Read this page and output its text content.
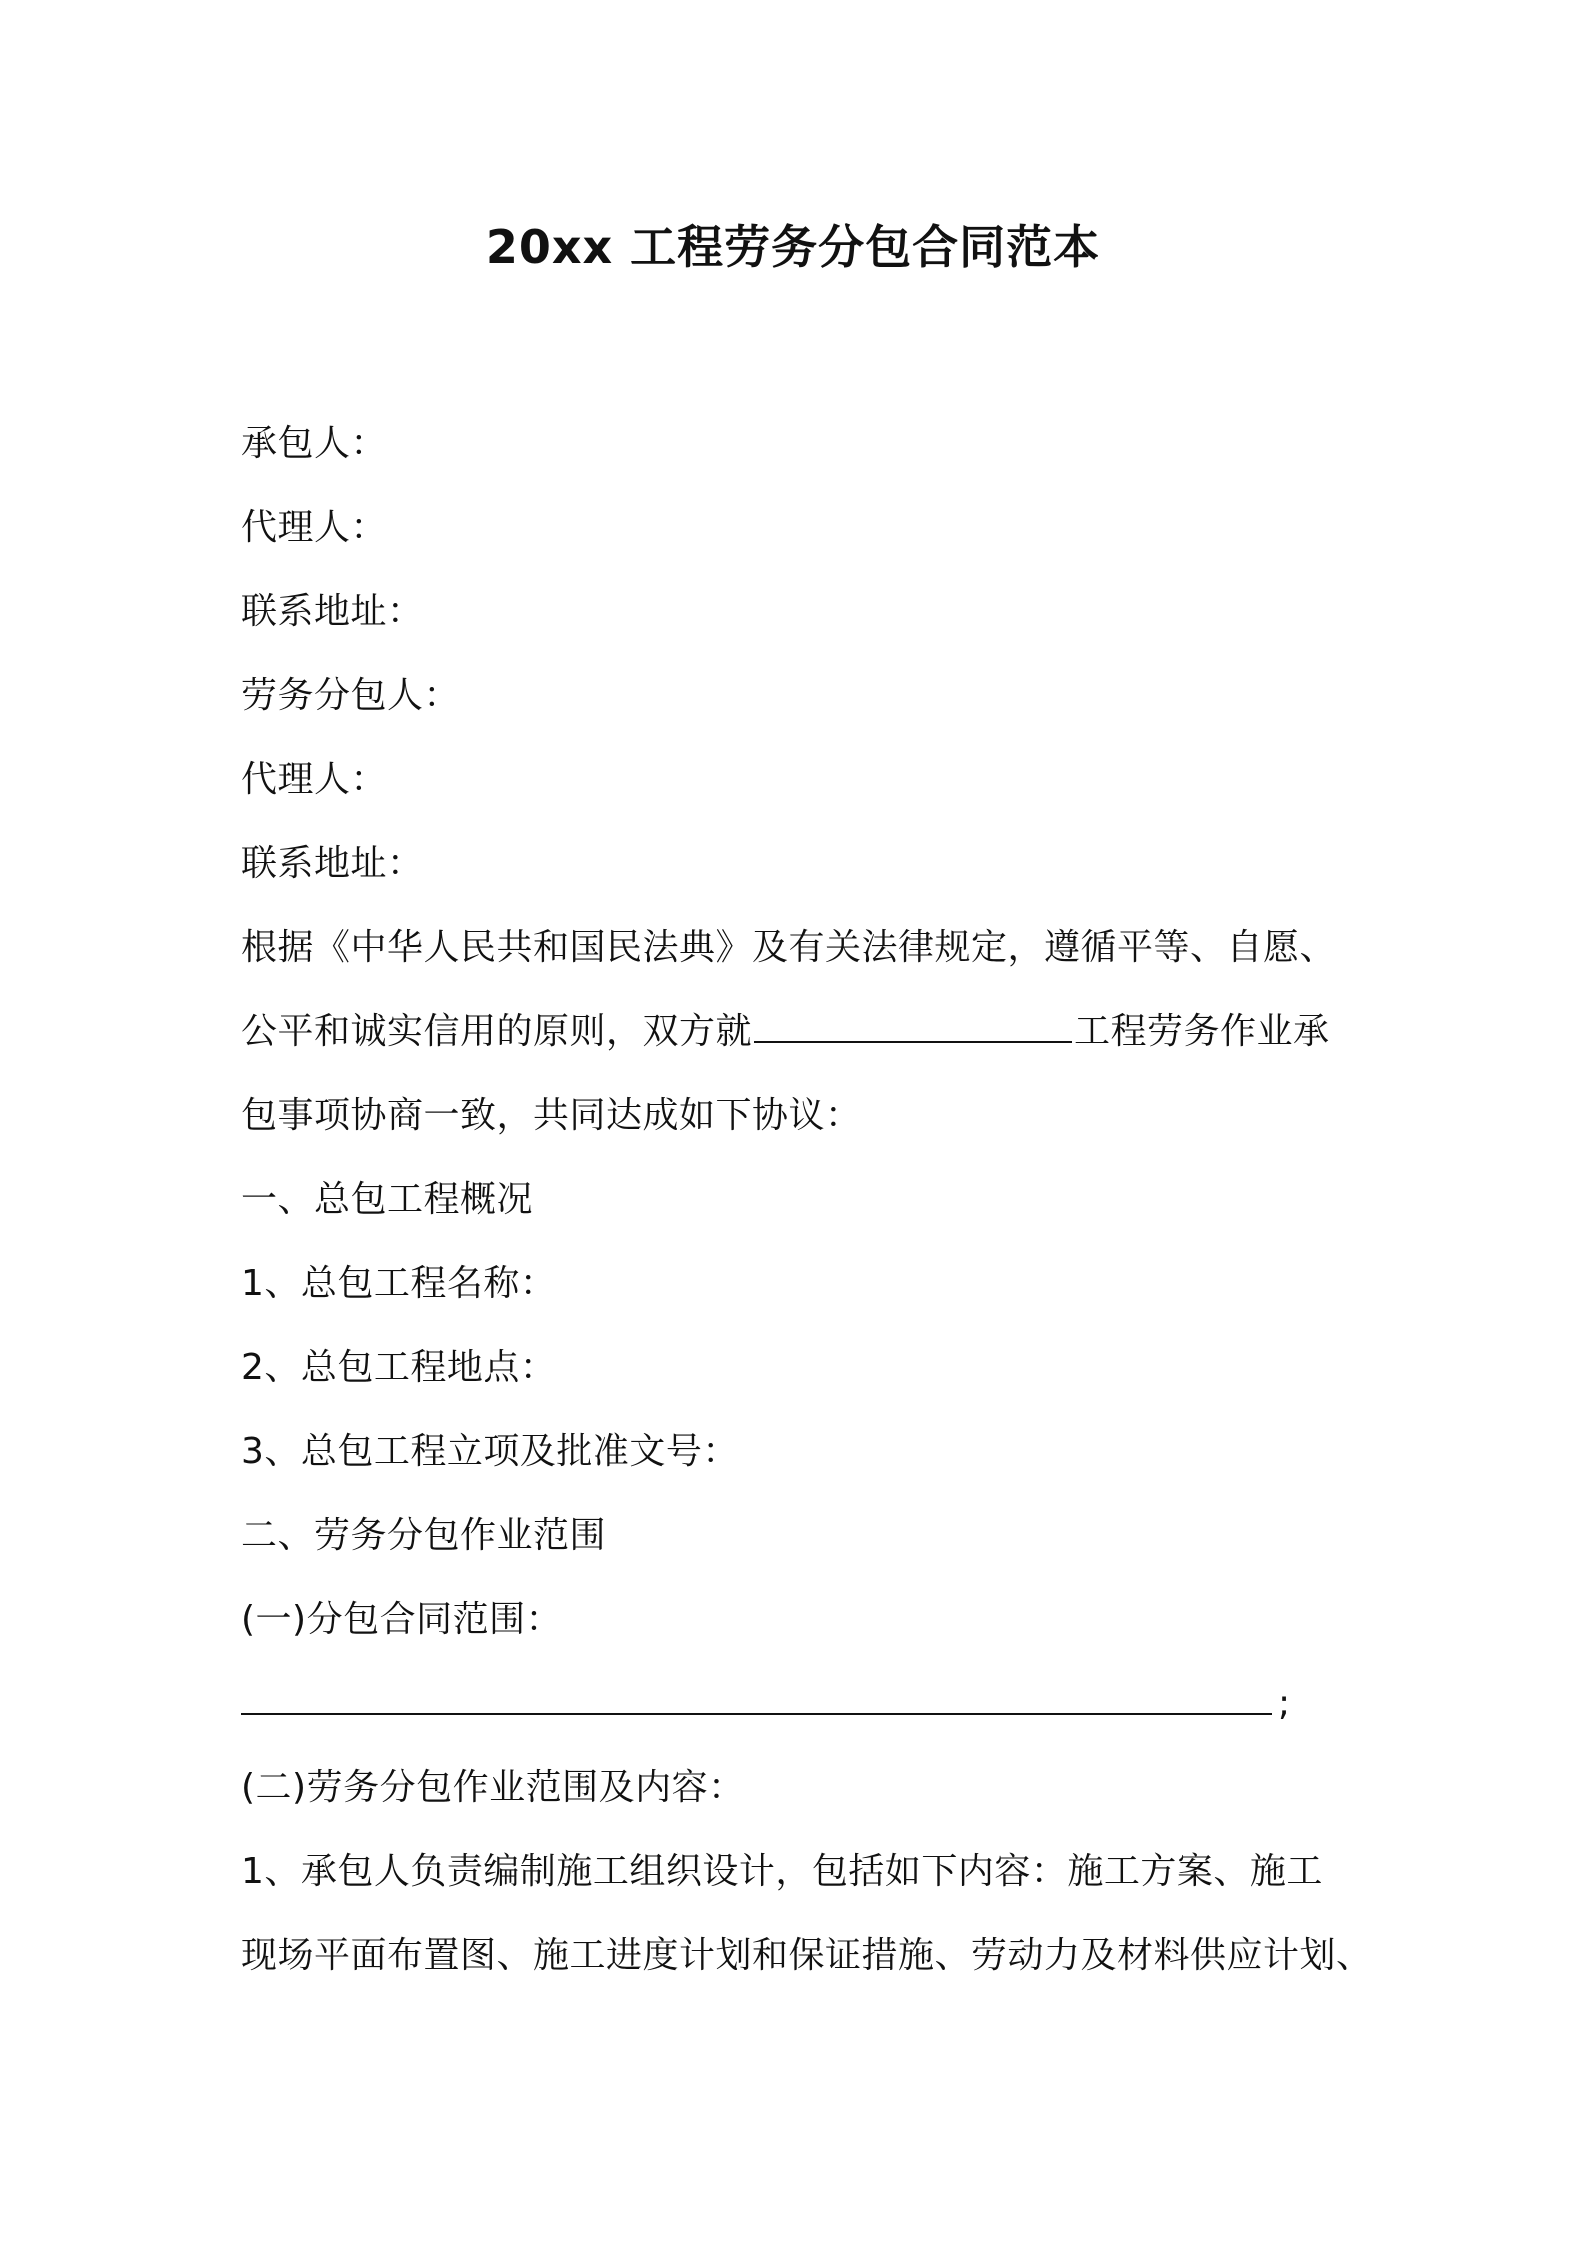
20xx 工程劳务分包合同范本
承包人：
代理人：
联系地址：
劳务分包人：
代理人：
联系地址：
根据《中华人民共和国民法典》及有关法律规定，遵循平等、自愿、
公平和诚实信用的原则，双方就	工程劳务作业承
包事项协商一致，共同达成如下协议：
一、总包工程概况
1、总包工程名称：
2、总包工程地点：
3、总包工程立项及批准文号：
二、劳务分包作业范围
(一)分包合同范围：
;
(二)劳务分包作业范围及内容：
1、承包人负责编制施工组织设计，包括如下内容：施工方案、施工
现场平面布置图、施工进度计划和保证措施、劳动力及材料供应计划、
